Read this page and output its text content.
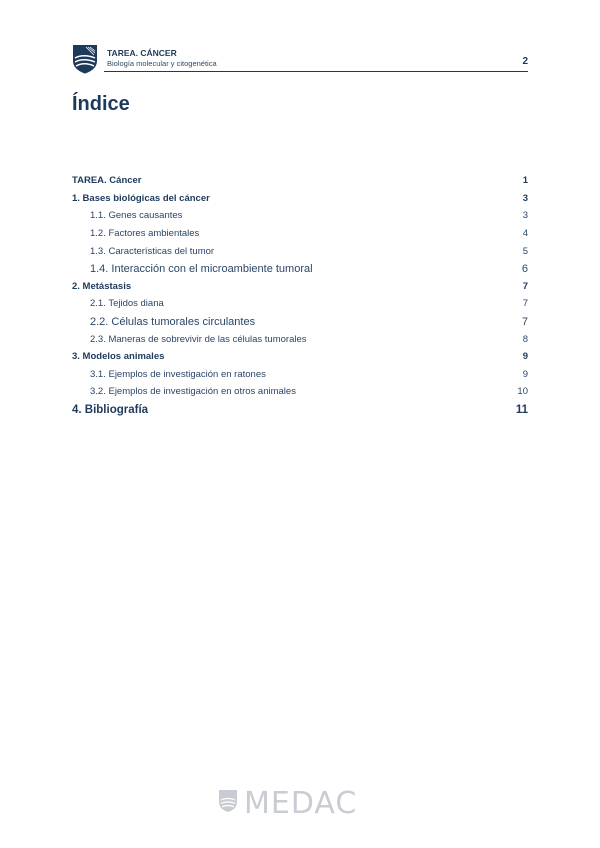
TAREA. CÁNCER
Biología molecular y citogenética	2
Índice
TAREA. Cáncer	1
1. Bases biológicas del cáncer	3
1.1. Genes causantes	3
1.2. Factores ambientales	4
1.3. Características del tumor	5
1.4. Interacción con el microambiente tumoral	6
2. Metástasis	7
2.1. Tejidos diana	7
2.2. Células tumorales circulantes	7
2.3. Maneras de sobrevivir de las células tumorales	8
3. Modelos animales	9
3.1. Ejemplos de investigación en ratones	9
3.2. Ejemplos de investigación en otros animales	10
4. Bibliografía	11
MEDAC
